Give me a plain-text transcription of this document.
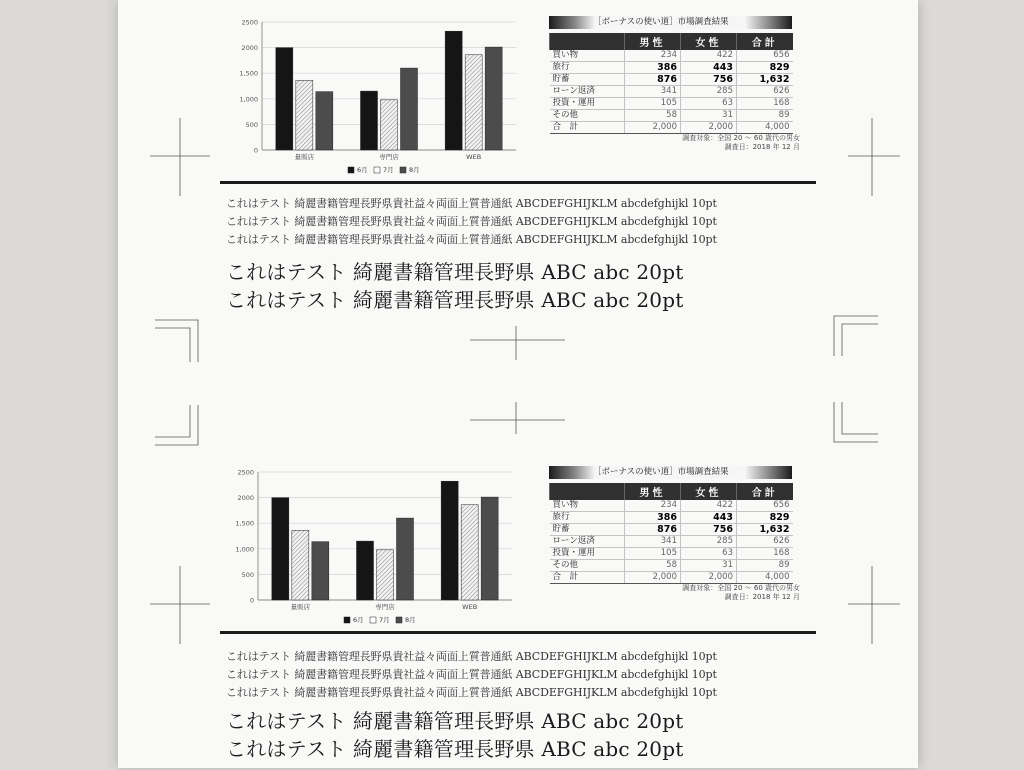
0
500
1,000
1,500
2000
2500
量販店	専門店	WEB
6月 7月 8月
［ボーナスの使い道］市場調査結果
	男性	女性	合計
買い物	234	422	656
旅行	386	443	829
貯蓄	876	756	1,632
ローン返済	341	285	626
投資・運用	105	63	168
その他	58	31	89
合　計	2,000	2,000	4,000
調査対象：全国 20 ～ 60 歳代の男女
調査日：2018 年 12 月
これはテスト 綺麗書籍管理長野県貴社益々両面上質普通紙 ABCDEFGHIJKLM abcdefghijkl 10pt
これはテスト 綺麗書籍管理長野県貴社益々両面上質普通紙 ABCDEFGHIJKLM abcdefghijkl 10pt
これはテスト 綺麗書籍管理長野県貴社益々両面上質普通紙 ABCDEFGHIJKLM abcdefghijkl 10pt
これはテスト 綺麗書籍管理長野県 ABC abc 20pt
これはテスト 綺麗書籍管理長野県 ABC abc 20pt
0
500
1,000
1,500
2000
2500
量販店	専門店	WEB
6月 7月 8月
［ボーナスの使い道］市場調査結果
	男性	女性	合計
買い物	234	422	656
旅行	386	443	829
貯蓄	876	756	1,632
ローン返済	341	285	626
投資・運用	105	63	168
その他	58	31	89
合　計	2,000	2,000	4,000
調査対象：全国 20 ～ 60 歳代の男女
調査日：2018 年 12 月
これはテスト 綺麗書籍管理長野県貴社益々両面上質普通紙 ABCDEFGHIJKLM abcdefghijkl 10pt
これはテスト 綺麗書籍管理長野県貴社益々両面上質普通紙 ABCDEFGHIJKLM abcdefghijkl 10pt
これはテスト 綺麗書籍管理長野県貴社益々両面上質普通紙 ABCDEFGHIJKLM abcdefghijkl 10pt
これはテスト 綺麗書籍管理長野県 ABC abc 20pt
これはテスト 綺麗書籍管理長野県 ABC abc 20pt
